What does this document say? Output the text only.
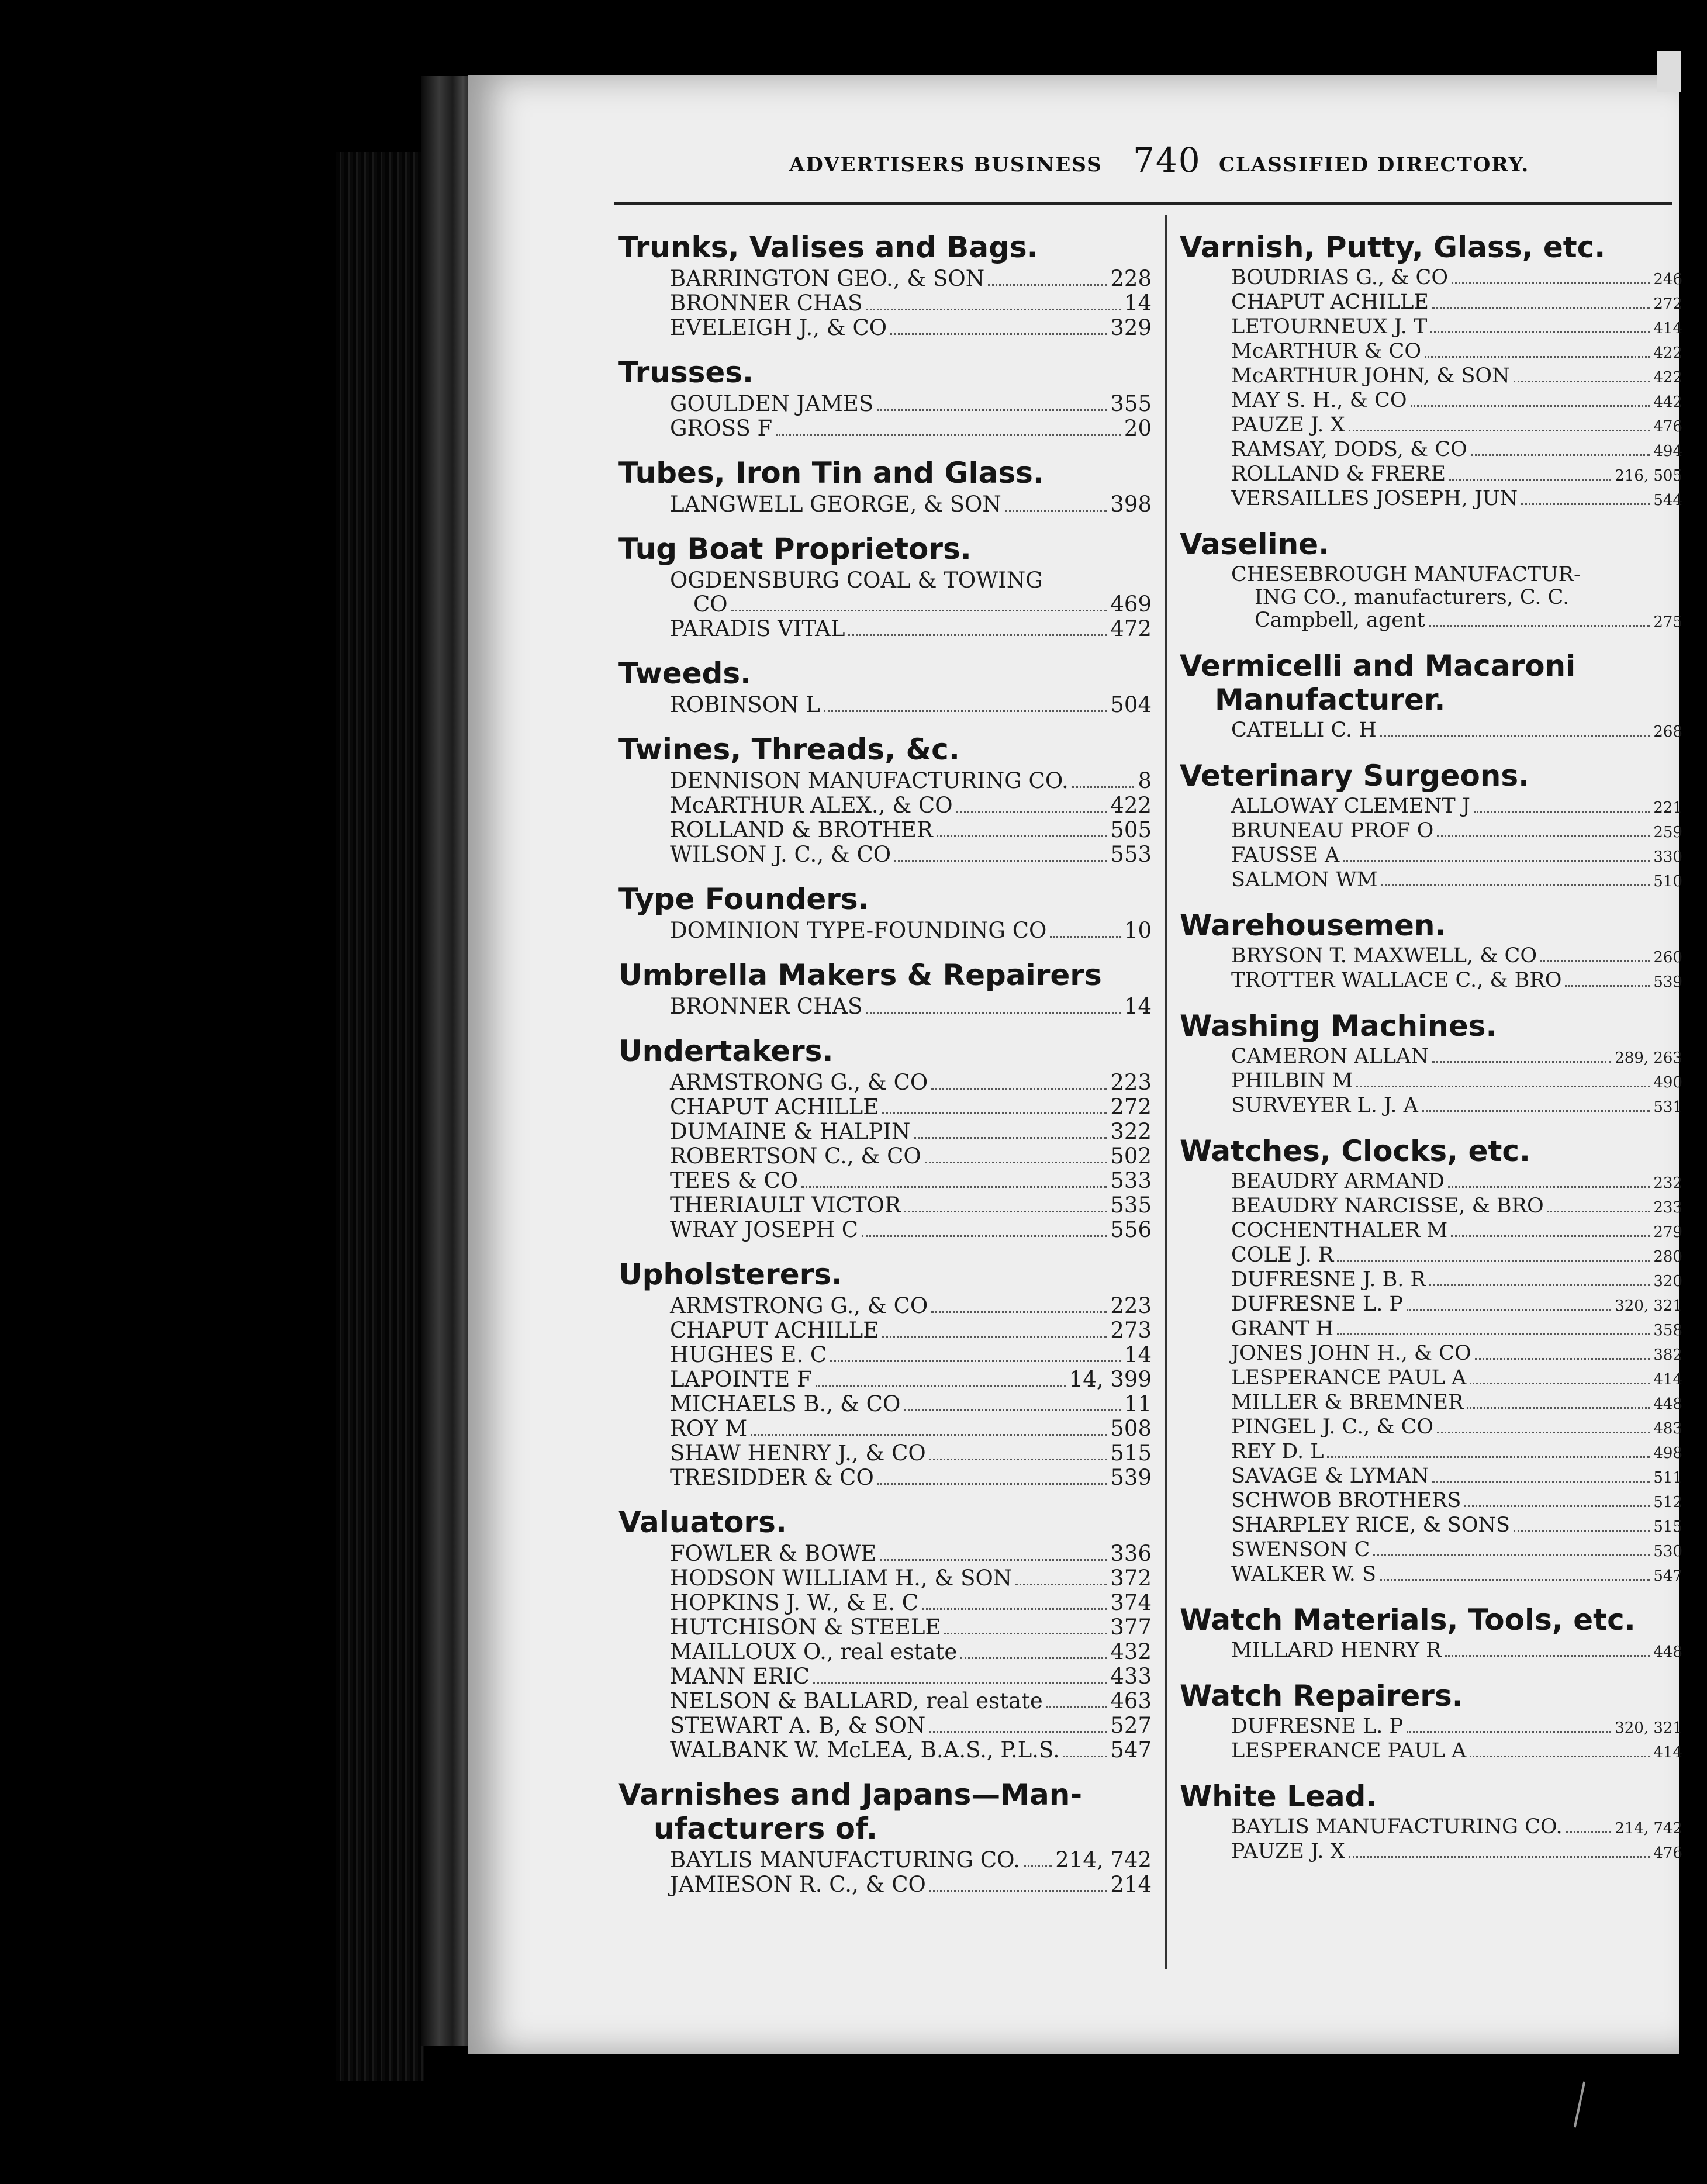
ADVERTISERS BUSINESS 740 CLASSIFIED DIRECTORY.
Trunks, Valises and Bags.
BARRINGTON GEO., & SON	228
BRONNER CHAS	14
EVELEIGH J., & CO	329
Trusses.
GOULDEN JAMES	355
GROSS F	20
Tubes, Iron Tin and Glass.
LANGWELL GEORGE, & SON	398
Tug Boat Proprietors.
OGDENSBURG COAL & TOWING
CO	469
PARADIS VITAL	472
Tweeds.
ROBINSON L	504
Twines, Threads, &c.
DENNISON MANUFACTURING CO.	8
McARTHUR ALEX., & CO	422
ROLLAND & BROTHER	505
WILSON J. C., & CO	553
Type Founders.
DOMINION TYPE-FOUNDING CO	10
Umbrella Makers & Repairers
BRONNER CHAS	14
Undertakers.
ARMSTRONG G., & CO	223
CHAPUT ACHILLE	272
DUMAINE & HALPIN	322
ROBERTSON C., & CO	502
TEES & CO	533
THERIAULT VICTOR	535
WRAY JOSEPH C	556
Upholsterers.
ARMSTRONG G., & CO	223
CHAPUT ACHILLE	273
HUGHES E. C	14
LAPOINTE F	14, 399
MICHAELS B., & CO	11
ROY M	508
SHAW HENRY J., & CO	515
TRESIDDER & CO	539
Valuators.
FOWLER & BOWE	336
HODSON WILLIAM H., & SON	372
HOPKINS J. W., & E. C	374
HUTCHISON & STEELE	377
MAILLOUX O., real estate	432
MANN ERIC	433
NELSON & BALLARD, real estate	463
STEWART A. B, & SON	527
WALBANK W. McLEA, B.A.S., P.L.S. 547
Varnishes and Japans—Man-
ufacturers of.
BAYLIS MANUFACTURING CO. 214, 742
JAMIESON R. C., & CO	214
Varnish, Putty, Glass, etc.
BOUDRIAS G., & CO	246
CHAPUT ACHILLE	272
LETOURNEUX J. T	414
McARTHUR & CO	422
McARTHUR JOHN, & SON	422
MAY S. H., & CO	442
PAUZE J. X	476
RAMSAY, DODS, & CO	494
ROLLAND & FRERE	216, 505
VERSAILLES JOSEPH, JUN	544
Vaseline.
CHESEBROUGH MANUFACTUR-
ING CO., manufacturers, C. C.
Campbell, agent	275
Vermicelli and Macaroni
Manufacturer.
CATELLI C. H	268
Veterinary Surgeons.
ALLOWAY CLEMENT J	221
BRUNEAU PROF O	259
FAUSSE A	330
SALMON WM	510
Warehousemen.
BRYSON T. MAXWELL, & CO	260
TROTTER WALLACE C., & BRO	539
Washing Machines.
CAMERON ALLAN	289, 263
PHILBIN M	490
SURVEYER L. J. A	531
Watches, Clocks, etc.
BEAUDRY ARMAND	232
BEAUDRY NARCISSE, & BRO	233
COCHENTHALER M	279
COLE J. R	280
DUFRESNE J. B. R	320
DUFRESNE L. P	320, 321
GRANT H	358
JONES JOHN H., & CO	382
LESPERANCE PAUL A	414
MILLER & BREMNER	448
PINGEL J. C., & CO	483
REY D. L	498
SAVAGE & LYMAN	511
SCHWOB BROTHERS	512
SHARPLEY RICE, & SONS	515
SWENSON C	530
WALKER W. S	547
Watch Materials, Tools, etc.
MILLARD HENRY R	448
Watch Repairers.
DUFRESNE L. P	320, 321
LESPERANCE PAUL A	414
White Lead.
BAYLIS MANUFACTURING CO.	214, 742
PAUZE J. X	476
